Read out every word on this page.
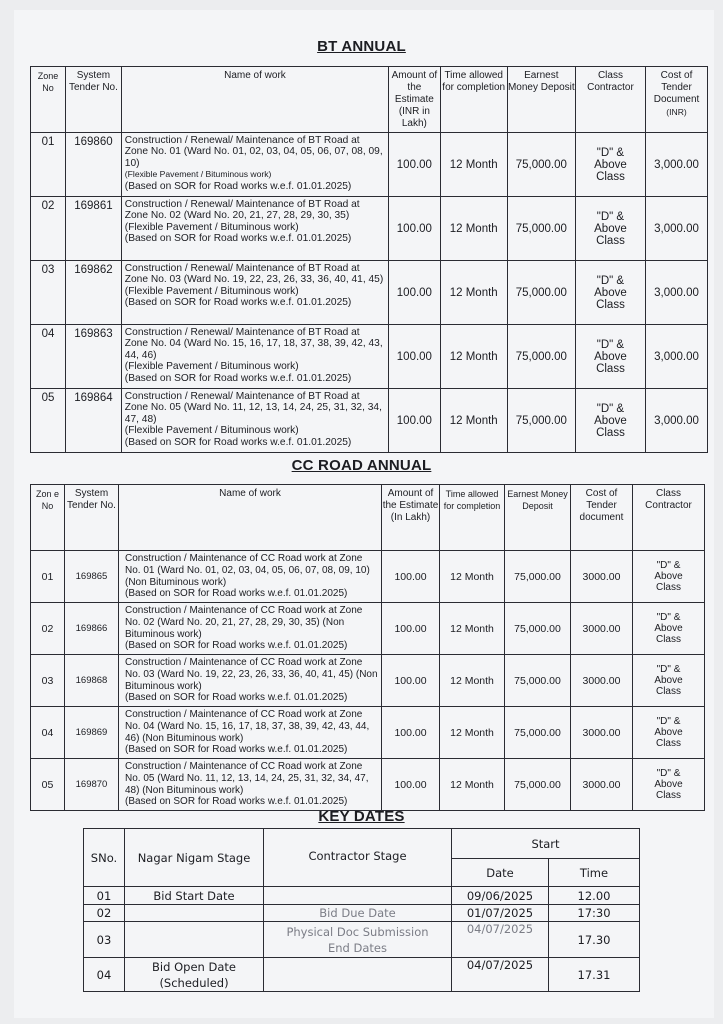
BT ANNUAL
Zone No	System Tender No.	Name of work	Amount of the Estimate (INR in Lakh)	Time allowed for completion	Earnest Money Deposit	Class Contractor	Cost of Tender Document
(INR)
01	169860	Construction / Renewal/ Maintenance of BT Road at Zone No. 01 (Ward No. 01, 02, 03, 04, 05, 06, 07, 08, 09, 10)
(Flexible Pavement / Bituminous work)
(Based on SOR for Road works w.e.f. 01.01.2025)	100.00	12 Month	75,000.00	"D" & Above Class	3,000.00
02	169861	Construction / Renewal/ Maintenance of BT Road at Zone No. 02 (Ward No. 20, 21, 27, 28, 29, 30, 35)
(Flexible Pavement / Bituminous work)
(Based on SOR for Road works w.e.f. 01.01.2025)	100.00	12 Month	75,000.00	"D" & Above Class	3,000.00
03	169862	Construction / Renewal/ Maintenance of BT Road at Zone No. 03 (Ward No. 19, 22, 23, 26, 33, 36, 40, 41, 45)
(Flexible Pavement / Bituminous work)
(Based on SOR for Road works w.e.f. 01.01.2025)	100.00	12 Month	75,000.00	"D" & Above Class	3,000.00
04	169863	Construction / Renewal/ Maintenance of BT Road at Zone No. 04 (Ward No. 15, 16, 17, 18, 37, 38, 39, 42, 43, 44, 46)
(Flexible Pavement / Bituminous work)
(Based on SOR for Road works w.e.f. 01.01.2025)	100.00	12 Month	75,000.00	"D" & Above Class	3,000.00
05	169864	Construction / Renewal/ Maintenance of BT Road at Zone No. 05 (Ward No. 11, 12, 13, 14, 24, 25, 31, 32, 34, 47, 48)
(Flexible Pavement / Bituminous work)
(Based on SOR for Road works w.e.f. 01.01.2025)	100.00	12 Month	75,000.00	"D" & Above Class	3,000.00
CC ROAD ANNUAL
Zon e No	System Tender No.	Name of work	Amount of the Estimate (In Lakh)	Time allowed for completion	Earnest Money Deposit	Cost of Tender document	Class Contractor
01	169865	Construction / Maintenance of CC Road work at Zone No. 01 (Ward No. 01, 02, 03, 04, 05, 06, 07, 08, 09, 10) (Non Bituminous work)
(Based on SOR for Road works w.e.f. 01.01.2025)	100.00	12 Month	75,000.00	3000.00	"D" & Above Class
02	169866	Construction / Maintenance of CC Road work at Zone No. 02 (Ward No. 20, 21, 27, 28, 29, 30, 35) (Non Bituminous work)
(Based on SOR for Road works w.e.f. 01.01.2025)	100.00	12 Month	75,000.00	3000.00	"D" & Above Class
03	169868	Construction / Maintenance of CC Road work at Zone No. 03 (Ward No. 19, 22, 23, 26, 33, 36, 40, 41, 45) (Non Bituminous work)
(Based on SOR for Road works w.e.f. 01.01.2025)	100.00	12 Month	75,000.00	3000.00	"D" & Above Class
04	169869	Construction / Maintenance of CC Road work at Zone No. 04 (Ward No. 15, 16, 17, 18, 37, 38, 39, 42, 43, 44, 46) (Non Bituminous work)
(Based on SOR for Road works w.e.f. 01.01.2025)	100.00	12 Month	75,000.00	3000.00	"D" & Above Class
05	169870	Construction / Maintenance of CC Road work at Zone No. 05 (Ward No. 11, 12, 13, 14, 24, 25, 31, 32, 34, 47, 48) (Non Bituminous work)
(Based on SOR for Road works w.e.f. 01.01.2025)	100.00	12 Month	75,000.00	3000.00	"D" & Above Class
KEY DATES
SNo.	Nagar Nigam Stage	Contractor Stage	Start	
			Date	Time
01	Bid Start Date		09/06/2025	12.00
02		Bid Due Date	01/07/2025	17:30
03		Physical Doc Submission End Dates	04/07/2025	17.30
04	Bid Open Date (Scheduled)		04/07/2025	17.31
